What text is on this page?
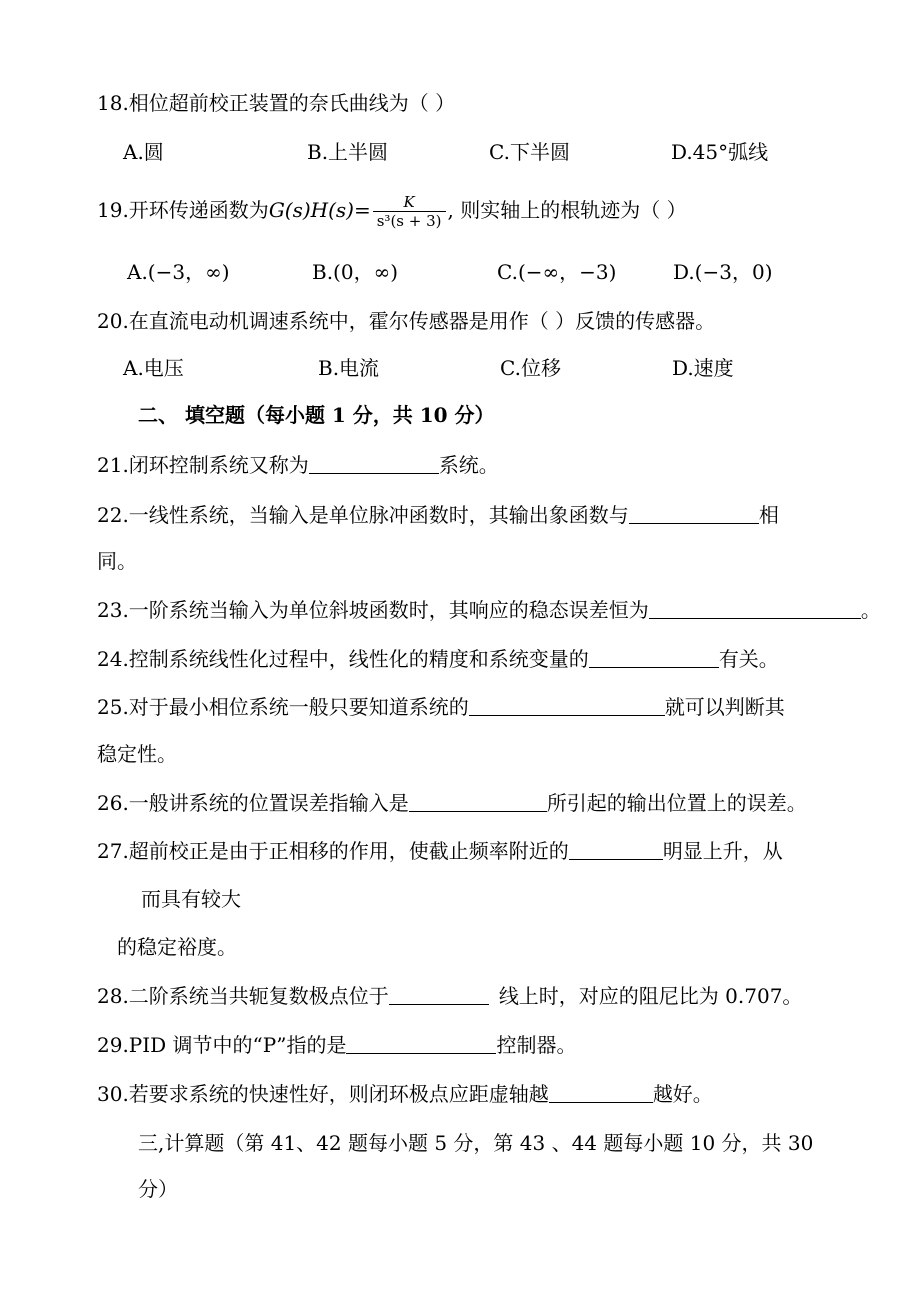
18.相位超前校正装置的奈氏曲线为（ ）
A.圆	B.上半圆	C.下半圆	D.45°弧线
19.开环传递函数为$G(s)H(s)= \frac{K}{\text{s³(s + 3)}}$ , 则实轴上的根轨迹为（ ）
A.(−3，∞)	B.(0，∞)	C.(−∞，−3)	D.(−3，0)
20.在直流电动机调速系统中，霍尔传感器是用作（ ）反馈的传感器。
A.电压	B.电流	C.位移	D.速度
二、 填空题（每小题 1 分，共 10 分）
21.闭环控制系统又称为	系统。
22.一线性系统，当输入是单位脉冲函数时，其输出象函数与	相
同。
23.一阶系统当输入为单位斜坡函数时，其响应的稳态误差恒为	。
24.控制系统线性化过程中，线性化的精度和系统变量的	有关。
25.对于最小相位系统一般只要知道系统的	就可以判断其
稳定性。
26.一般讲系统的位置误差指输入是	所引起的输出位置上的误差。
27.超前校正是由于正相移的作用，使截止频率附近的	明显上升，从
而具有较大
的稳定裕度。
28.二阶系统当共轭复数极点位于	线上时，对应的阻尼比为 0.707。
29.PID 调节中的“P”指的是	控制器。
30.若要求系统的快速性好，则闭环极点应距虚轴越	越好。
三,计算题（第 41、42 题每小题 5 分，第 43 、44 题每小题 10 分，共 30
分）
